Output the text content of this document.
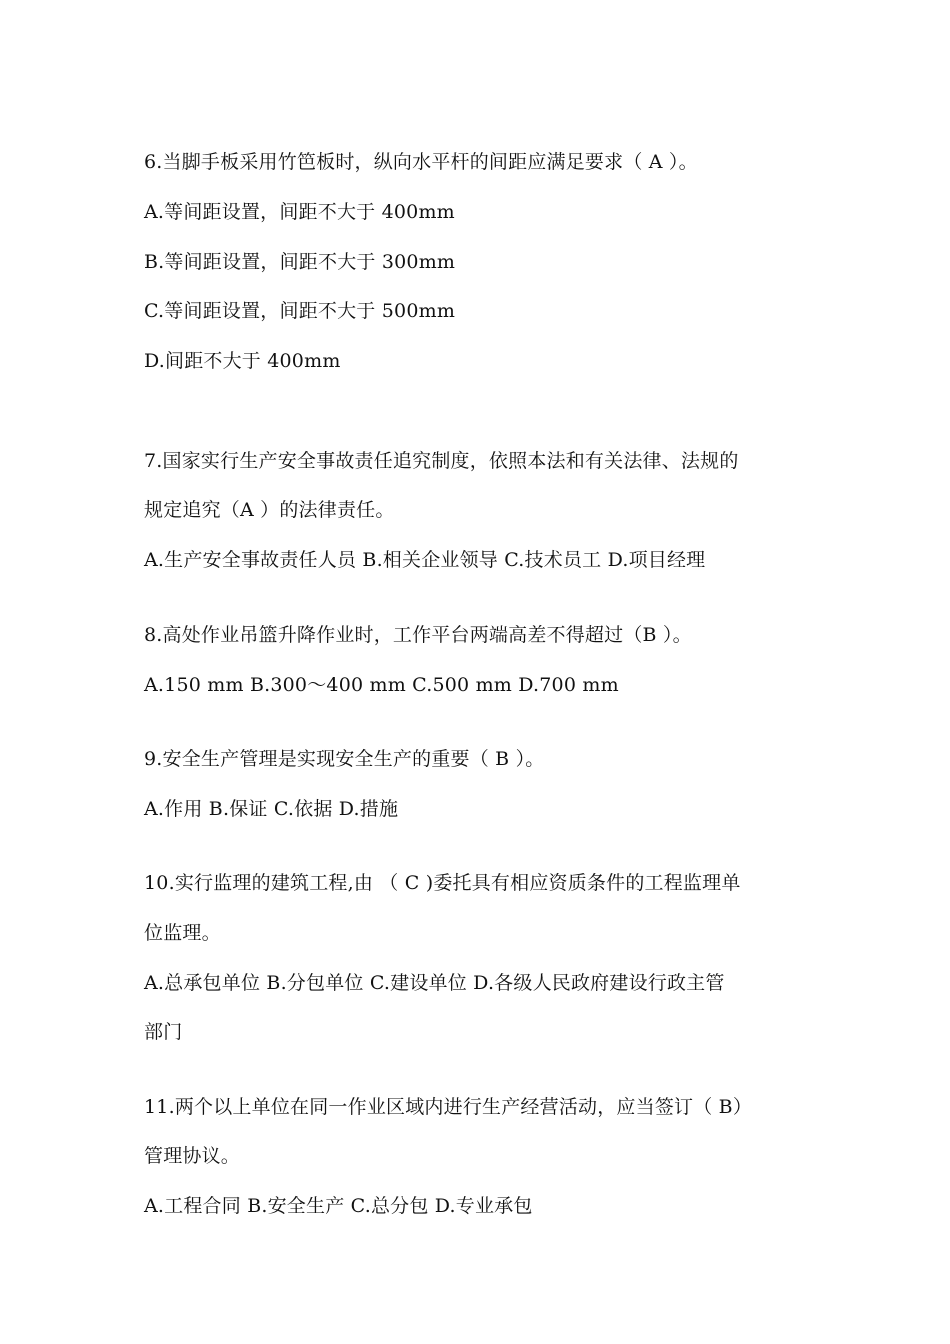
6.当脚手板采用竹笆板时，纵向水平杆的间距应满足要求（ A ）。
A.等间距设置，间距不大于 400mm
B.等间距设置，间距不大于 300mm
C.等间距设置，间距不大于 500mm
D.间距不大于 400mm
7.国家实行生产安全事故责任追究制度，依照本法和有关法律、法规的
规定追究（A ）的法律责任。
A.生产安全事故责任人员 B.相关企业领导 C.技术员工 D.项目经理
8.高处作业吊篮升降作业时，工作平台两端高差不得超过（B ）。
A.150 mm B.300～400 mm C.500 mm D.700 mm
9.安全生产管理是实现安全生产的重要（ B ）。
A.作用 B.保证 C.依据 D.措施
10.实行监理的建筑工程,由 （ C )委托具有相应资质条件的工程监理单
位监理。
A.总承包单位 B.分包单位 C.建设单位 D.各级人民政府建设行政主管
部门
11.两个以上单位在同一作业区域内进行生产经营活动，应当签订（ B）
管理协议。
A.工程合同 B.安全生产 C.总分包 D.专业承包
